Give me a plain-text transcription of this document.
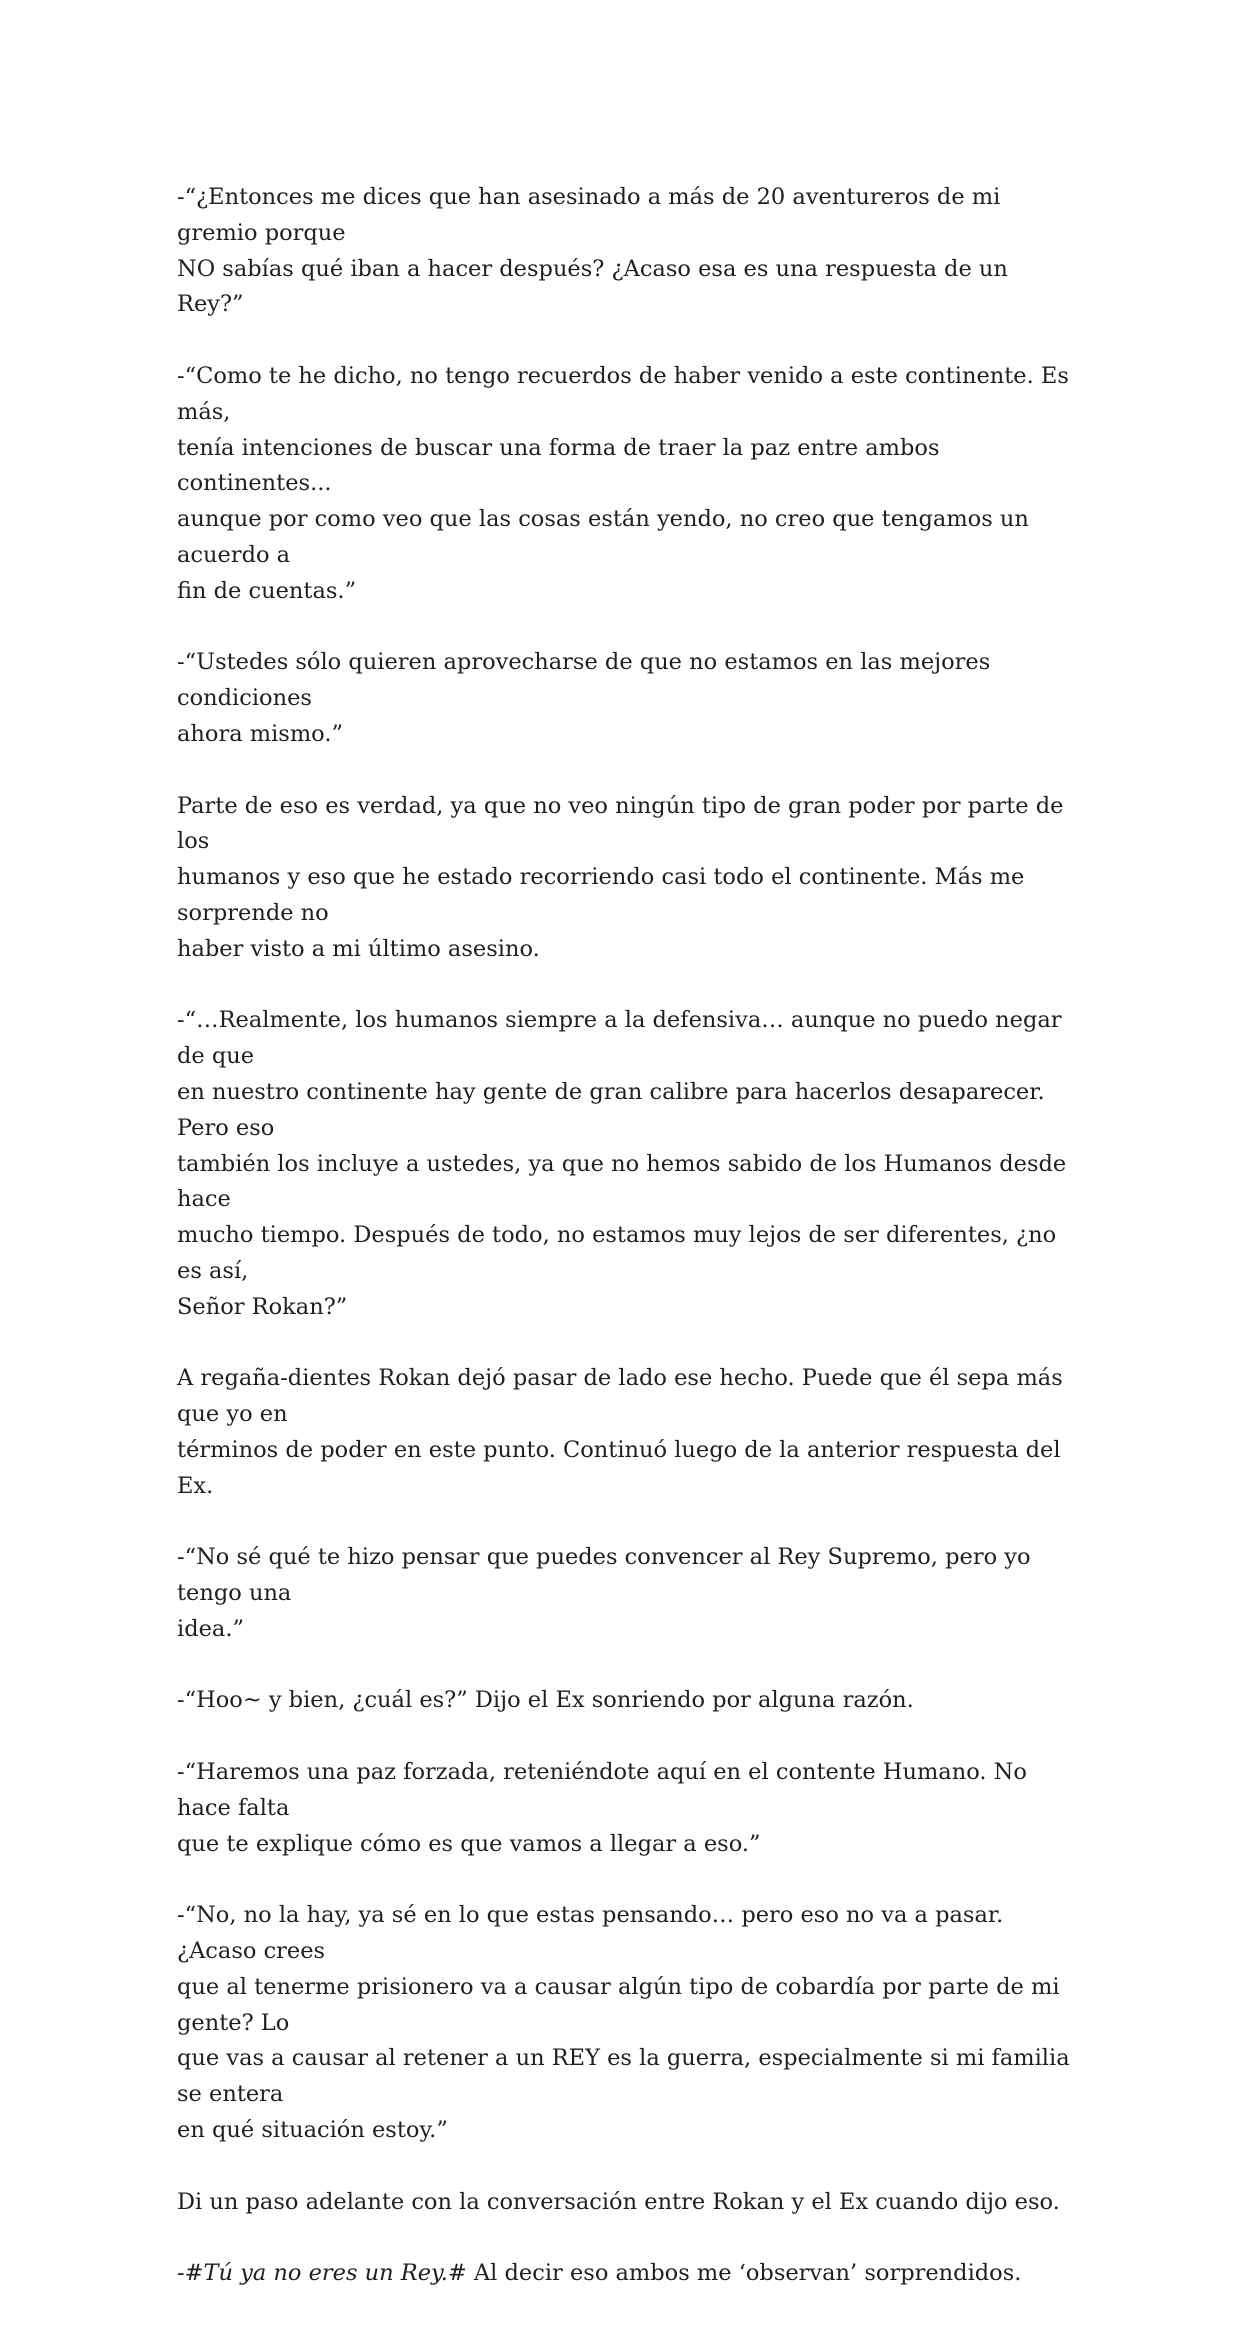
-“¿Entonces me dices que han asesinado a más de 20 aventureros de mi gremio porque
NO sabías qué iban a hacer después? ¿Acaso esa es una respuesta de un Rey?”

-“Como te he dicho, no tengo recuerdos de haber venido a este continente. Es más,
tenía intenciones de buscar una forma de traer la paz entre ambos continentes...
aunque por como veo que las cosas están yendo, no creo que tengamos un acuerdo a
fin de cuentas.”

-“Ustedes sólo quieren aprovecharse de que no estamos en las mejores condiciones
ahora mismo.”

Parte de eso es verdad, ya que no veo ningún tipo de gran poder por parte de los
humanos y eso que he estado recorriendo casi todo el continente. Más me sorprende no
haber visto a mi último asesino.

-“…Realmente, los humanos siempre a la defensiva… aunque no puedo negar de que
en nuestro continente hay gente de gran calibre para hacerlos desaparecer. Pero eso
también los incluye a ustedes, ya que no hemos sabido de los Humanos desde hace
mucho tiempo. Después de todo, no estamos muy lejos de ser diferentes, ¿no es así,
Señor Rokan?”

A regaña-dientes Rokan dejó pasar de lado ese hecho. Puede que él sepa más que yo en
términos de poder en este punto. Continuó luego de la anterior respuesta del Ex.

-“No sé qué te hizo pensar que puedes convencer al Rey Supremo, pero yo tengo una
idea.”

-“Hoo~ y bien, ¿cuál es?” Dijo el Ex sonriendo por alguna razón.

-“Haremos una paz forzada, reteniéndote aquí en el contente Humano. No hace falta
que te explique cómo es que vamos a llegar a eso.”

-“No, no la hay, ya sé en lo que estas pensando… pero eso no va a pasar. ¿Acaso crees
que al tenerme prisionero va a causar algún tipo de cobardía por parte de mi gente? Lo
que vas a causar al retener a un REY es la guerra, especialmente si mi familia se entera
en qué situación estoy.”

Di un paso adelante con la conversación entre Rokan y el Ex cuando dijo eso.

-#Tú ya no eres un Rey.# Al decir eso ambos me ‘observan’ sorprendidos.
